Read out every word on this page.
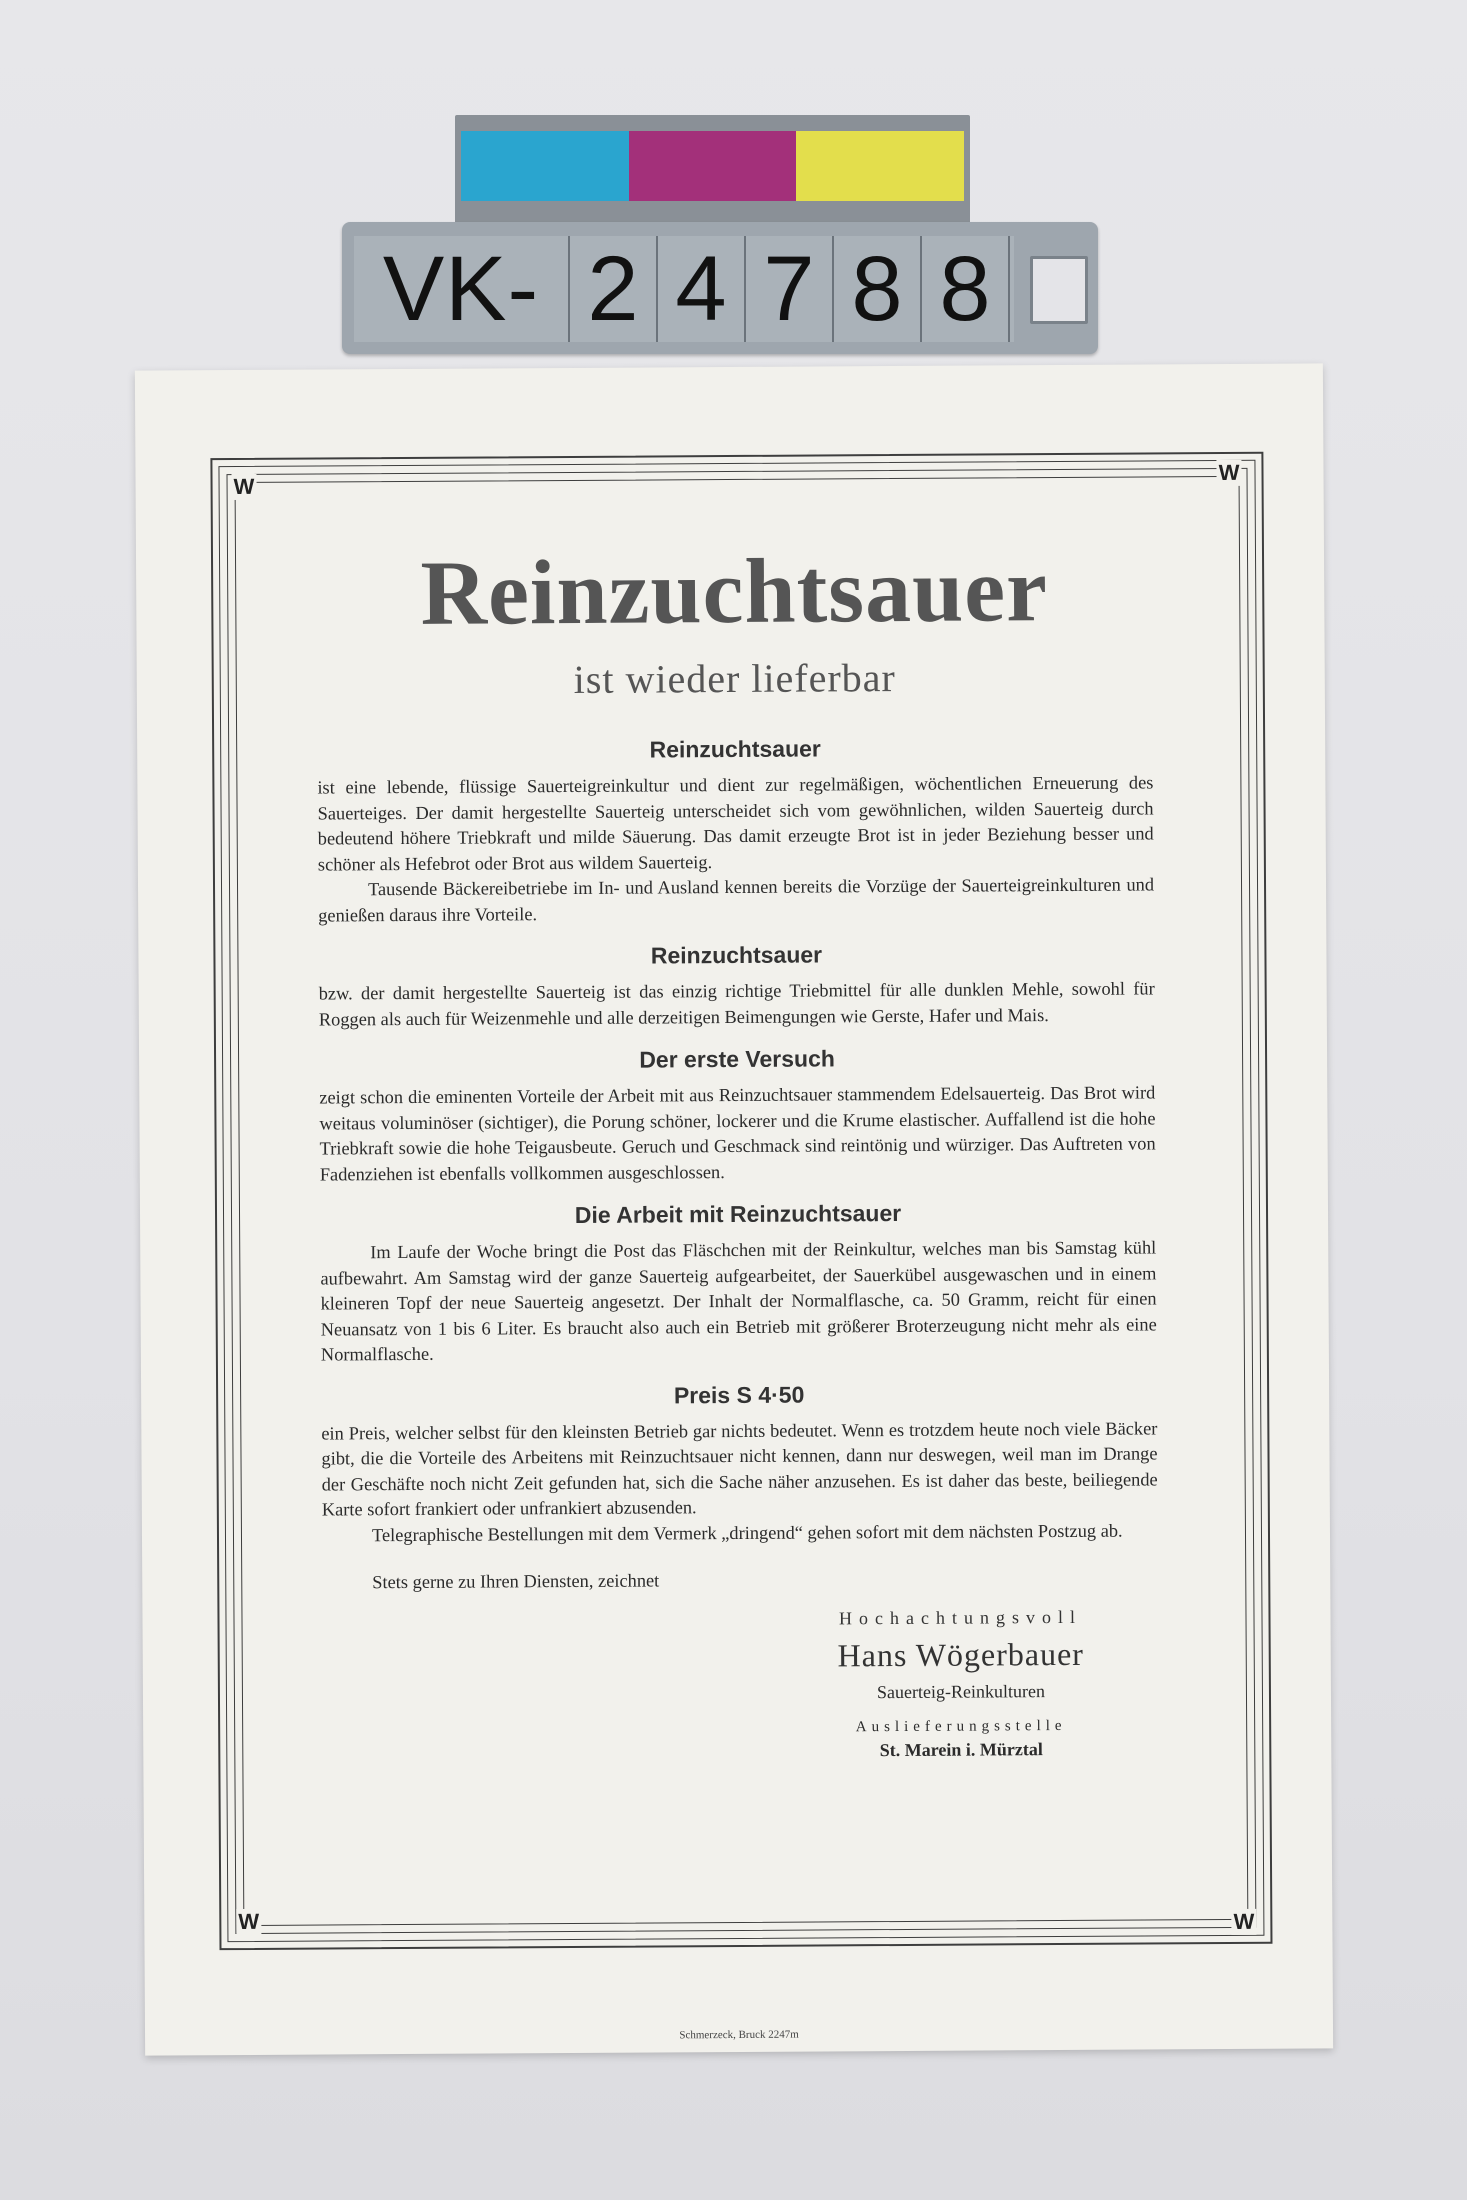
VK- 2 4 7 8 8
W
W
W	W
Reinzuchtsauer
ist wieder lieferbar
Reinzuchtsauer

ist eine lebende, flüssige Sauerteigreinkultur und dient zur regelmäßigen, wöchentlichen Erneuerung des Sauerteiges. Der damit hergestellte Sauerteig unterscheidet sich vom gewöhnlichen, wilden Sauerteig durch bedeutend höhere Triebkraft und milde Säuerung. Das damit erzeugte Brot ist in jeder Beziehung besser und schöner als Hefebrot oder Brot aus wildem Sauerteig.

Tausende Bäckereibetriebe im In- und Ausland kennen bereits die Vorzüge der Sauerteigreinkulturen und genießen daraus ihre Vorteile.

Reinzuchtsauer

bzw. der damit hergestellte Sauerteig ist das einzig richtige Triebmittel für alle dunklen Mehle, sowohl für Roggen als auch für Weizenmehle und alle derzeitigen Beimengungen wie Gerste, Hafer und Mais.

Der erste Versuch

zeigt schon die eminenten Vorteile der Arbeit mit aus Reinzuchtsauer stammendem Edelsauerteig. Das Brot wird weitaus voluminöser (sichtiger), die Porung schöner, lockerer und die Krume elastischer. Auffallend ist die hohe Triebkraft sowie die hohe Teigausbeute. Geruch und Geschmack sind reintönig und würziger. Das Auftreten von Fadenziehen ist ebenfalls vollkommen ausgeschlossen.

Die Arbeit mit Reinzuchtsauer

Im Laufe der Woche bringt die Post das Fläschchen mit der Reinkultur, welches man bis Samstag kühl aufbewahrt. Am Samstag wird der ganze Sauerteig aufgearbeitet, der Sauerkübel ausgewaschen und in einem kleineren Topf der neue Sauerteig angesetzt. Der Inhalt der Normalflasche, ca. 50 Gramm, reicht für einen Neuansatz von 1 bis 6 Liter. Es braucht also auch ein Betrieb mit größerer Broterzeugung nicht mehr als eine Normalflasche.

Preis S 4·50

ein Preis, welcher selbst für den kleinsten Betrieb gar nichts bedeutet. Wenn es trotzdem heute noch viele Bäcker gibt, die die Vorteile des Arbeitens mit Reinzuchtsauer nicht kennen, dann nur deswegen, weil man im Drange der Geschäfte noch nicht Zeit gefunden hat, sich die Sache näher anzusehen. Es ist daher das beste, beiliegende Karte sofort frankiert oder unfrankiert abzusenden.

Telegraphische Bestellungen mit dem Vermerk „dringend“ gehen sofort mit dem nächsten Postzug ab.

Stets gerne zu Ihren Diensten, zeichnet
Hochachtungsvoll
Hans Wögerbauer
Sauerteig-Reinkulturen
Auslieferungsstelle
St. Marein i. Mürztal
Schmerzeck, Bruck 2247m
